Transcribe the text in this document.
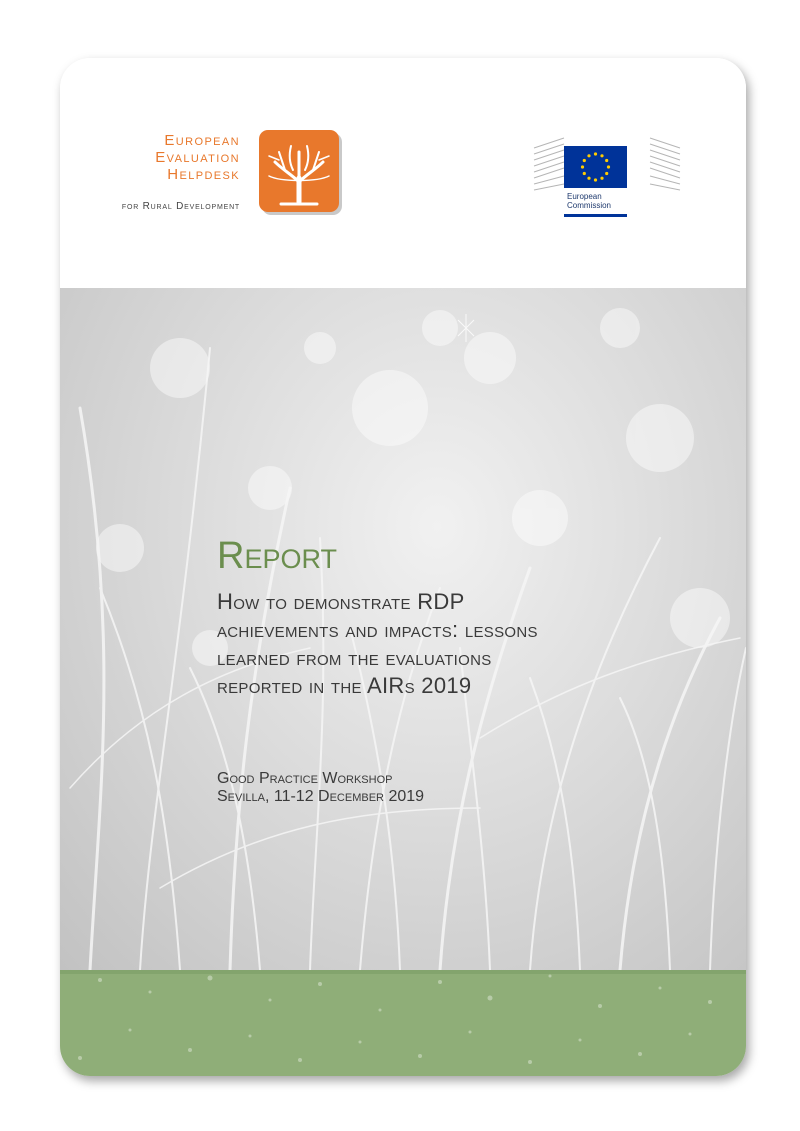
European
Evaluation
Helpdesk
for Rural Development
European
Commission
Report
How to demonstrate RDP
achievements and impacts: lessons
learned from the evaluations
reported in the AIRs 2019
Good Practice Workshop
Sevilla, 11-12 December 2019
